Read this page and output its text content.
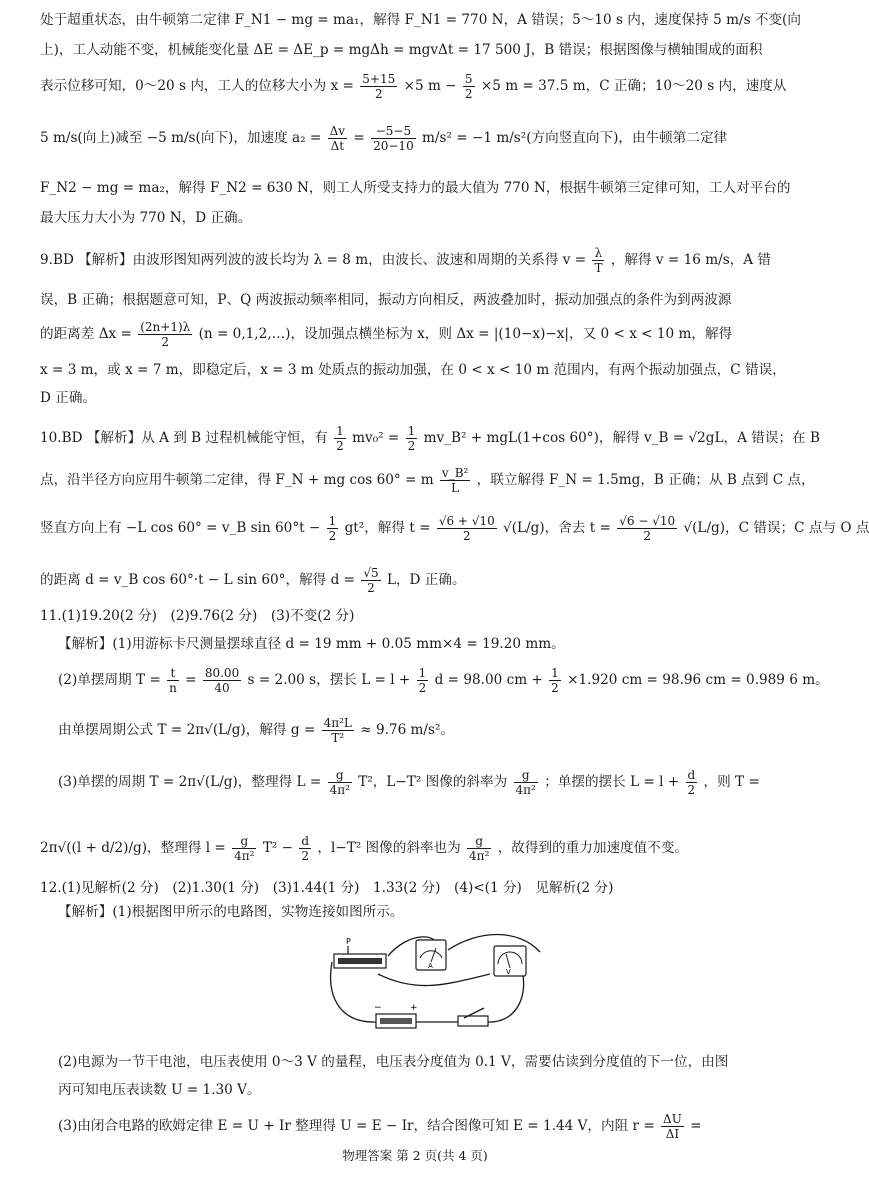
处于超重状态，由牛顿第二定律 F_N1 − mg = ma₁，解得 F_N1 = 770 N，A 错误；5～10 s 内，速度保持 5 m/s 不变(向
上)，工人动能不变，机械能变化量 ΔE = ΔE_p = mgΔh = mgvΔt = 17 500 J，B 错误；根据图像与横轴围成的面积
表示位移可知，0～20 s 内，工人的位移大小为 $x = \frac{5+15}{2} \times 5$ $m - \frac{5}{2} \times 5$ m = 37.5 m，C 正确；10～20 s 内，速度从
5 m/s(向上)减至 −5 m/s(向下)，加速度 $a_2 = \frac{\Delta v}{\Delta t} = \frac{-5-5}{20-10} m/s^2 = -1$ m/s²(方向竖直向下)，由牛顿第二定律
F_N2 − mg = ma₂，解得 F_N2 = 630 N，则工人所受支持力的最大值为 770 N，根据牛顿第三定律可知，工人对平台的
最大压力大小为 770 N，D 正确。
9.BD 【解析】由波形图知两列波的波长均为 λ = 8 m，由波长、波速和周期的关系得 $v = \frac{\lambda}{T}$ ，解得 v = 16 m/s，A 错
误，B 正确；根据题意可知，P、Q 两波振动频率相同，振动方向相反，两波叠加时，振动加强点的条件为到两波源
的距离差 $\Delta x = \frac{(2n+1)\lambda}{2} (n$ = 0,1,2,…)，设加强点横坐标为 x，则 Δx = |(10−x)−x|，又 0 < x < 10 m，解得
x = 3 m，或 x = 7 m，即稳定后，x = 3 m 处质点的振动加强，在 0 < x < 10 m 范围内，有两个振动加强点，C 错误，
D 正确。
10.BD 【解析】从 A 到 B 过程机械能守恒，有 $\frac{1}{2} mv_0^2 = \frac{1}{2}$ mv_B² + mgL(1+cos 60°)，解得 v_B = √2gL，A 错误；在 B
点，沿半径方向应用牛顿第二定律，得 F_N + mg cos 60° = m $\frac{\text{v\_B²}}{L}$ ，联立解得 F_N = 1.5mg，B 正确；从 B 点到 C 点，
竖直方向上有 −L cos 60° = v_B $\sin 60^\circ t - \frac{1}{2} gt^2$，解得 $t = \frac{√6 + √10}{2} √(L/g)$，舍去 $t = \frac{√6 - √10}{2} √(L/g)$，C 错误；C 点与 O 点
的距离 d = v_B cos 60°·t − L sin 60°，解得 $d = \frac{√5}{2}$ L，D 正确。
11.(1)19.20(2 分)　(2)9.76(2 分)　(3)不变(2 分)
【解析】(1)用游标卡尺测量摆球直径 d = 19 mm + 0.05 mm×4 = 19.20 mm。
(2)单摆周期 $T = \frac{t}{n} = \frac{80.00}{40}$ s = 2.00 s，摆长 $L = l + \frac{1}{2}$ d = 98.00 cm + $\frac{1}{2} \times 1.920$ cm = 98.96 cm = 0.989 6 m。
由单摆周期公式 T = 2π√(L/g)，解得 $g = \frac{\text{4π²L}}{\text{T²}} \approx 9.76$ m/s²。
(3)单摆的周期 T = 2π√(L/g)，整理得 $L = \frac{g}{\text{4π²}} T^2$，L−T² 图像的斜率为 $\frac{g}{\text{4π²}}$ ；单摆的摆长 $L = l + \frac{d}{2}$ ，则 T =
2π√((l + d/2)/g)，整理得 $l = \frac{g}{\text{4π²}} T^2 - \frac{d}{2}$ ，l−T² 图像的斜率也为 $\frac{g}{\text{4π²}}$ ，故得到的重力加速度值不变。
12.(1)见解析(2 分)　(2)1.30(1 分)　(3)1.44(1 分)　1.33(2 分)　(4)<(1 分)　见解析(2 分)
【解析】(1)根据图甲所示的电路图，实物连接如图所示。
P
A
V
−	+
(2)电源为一节干电池，电压表使用 0～3 V 的量程，电压表分度值为 0.1 V，需要估读到分度值的下一位，由图
丙可知电压表读数 U = 1.30 V。
(3)由闭合电路的欧姆定律 E = U + Ir 整理得 U = E − Ir，结合图像可知 E = 1.44 V，内阻 $r = \frac{\Delta U}{\Delta I}$ =
物理答案 第 2 页(共 4 页)
